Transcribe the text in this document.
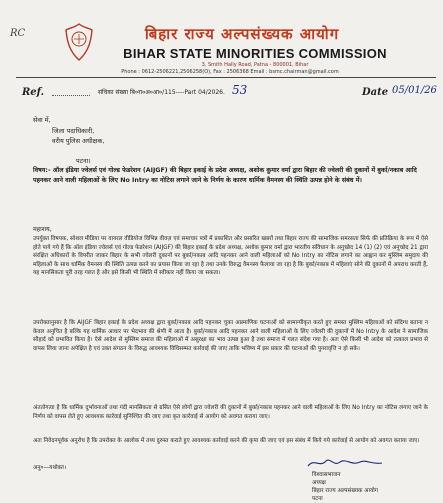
RC	बिहार राज्य अल्पसंख्यक आयोग
BIHAR STATE MINORITIES COMMISSION
3, Smith Hally Road, Patna - 800001, Bihar
Phone : 0612-2506221,2506258(O), Fax : 2506368 Email : bsmc.chairman@gmail.com
Ref.	संचिका संख्या बि०रा०अ०आ०/115----Part 04/2026. 53	Date 05/01/26
सेवा में,
जिला पदाधिकारी,
वरीय पुलिस अधीक्षक,
पटना।
विषय:- ऑल इंडिया ज्वेलर्स एवं गोल्ड फेडरेशन (AIJGF) की बिहार इकाई के प्रदेश अध्यक्ष, अशोक कुमार वर्मा द्वारा बिहार की ज्वेलरी की दुकानों में बुर्का/नकाब आदि पहनकर आने वाली महिलाओं के लिए No Intry का नोटिस लगाने जाने के निर्णय के कारण धार्मिक वैमनस्य की स्थिति उत्पन्न होने के संबंध में।
महाशय,
उपर्युक्त विषयक, सोशल मीडिया पर वायरल वीडियोज विभिन्न वीवज़ एवं समाचार पत्रों में प्रकाशित और प्रसारित खबरों तथा बिहार राज्य की सामाजिक समरसता सिर्फ की प्रतिक्रिया के रूप में ऐसे होते पाये गये हैं कि ऑल इंडिया ज्वेलर्स एवं गोल्ड फेडरेशन (AIJGF) की बिहार इकाई के प्रदेश अध्यक्ष, अशोक कुमार वर्मा द्वारा भारतीय संविधान के अनुच्छेद 14 (1) (2) एवं अनुच्छेद 21 द्वारा संरक्षित अधिकारों के विपरीत जाकर बिहार के सभी ज्वेलरी दुकानों पर बुर्का/नकाब आदि पहनकर आने वाली महिलाओं को No Intry का नोटिस लगाने का आह्वान कर मुस्लिम समुदाय की महिलाओं के साथ धार्मिक वैमनस्य की स्थिति उत्पन्न करने का प्रयास किया जा रहा है तथा उनके विरुद्ध वैमनस्य फैलाया जा रहा है कि बुर्का/नकाब में महिलाएं सोने की दुकानों में अपराध करती हैं, यह मानसिकता पूरी तरह गलत है और इसे किसी भी स्थिति में स्वीकार नहीं किया जा सकता।
उपरोक्तानुसार है कि AIJGF बिहार इकाई के प्रदेश अध्यक्ष द्वारा बुर्का/नकाब आदि पहनकर चुका अप्रमाणिक घटनाओं को सामान्यीकृत करते हुए समस्त मुस्लिम महिलाओं को संदिग्ध बताना न केवल अनुचित है बल्कि यह धार्मिक आधार पर भेदभाव की श्रेणी में आता है। बुर्का/नकाब आदि पहनकर आने वाली महिलाओं के लिए ज्वेलरी की दुकानों में No Intry के आदेश ने सामाजिक सौहार्द को प्रभावित किया है। ऐसे आदेश से मुस्लिम समाज की महिलाओं में असुरक्षा का भाव उत्पन्न हुआ है तथा समाज में गलत संदेश गया है। अतः ऐसे किसी भी आदेश को तत्काल प्रभाव से वापस लिया जाना अपेक्षित है एवं उक्त संगठन के विरुद्ध आवश्यक विधिसम्मत कार्रवाई की जाए ताकि भविष्य में इस प्रकार की घटनाओं की पुनरावृत्ति न हो सके।
अंततोगत्वा है कि धार्मिक दुर्भावनाओं तथा गंदी मानसिकता से ग्रसित ऐसे लोगों द्वारा ज्वेलरी की दुकानों में बुर्का/नकाब पहनकर आने वाली महिलाओं के लिए No Intry का नोटिस लगाए जाने के निर्णय को वापस लेते हुए आवश्यक कार्रवाई सुनिश्चित की जाए तथा कृत कार्रवाई से आयोग को अवगत कराया जाए।
अतः निवेदनपूर्वक अनुरोध है कि उपरोक्त के आलोक में तथ्य दुरुस्त कराते हुए आवश्यक कार्रवाई करने की कृपा की जाए एवं इस संबंध में किये गये कार्रवाई से आयोग को अवगत कराया जाए।
अनु०—यथोक्त।
विश्वासभाजन
अध्यक्ष
बिहार राज्य अल्पसंख्यक आयोग
पटना
